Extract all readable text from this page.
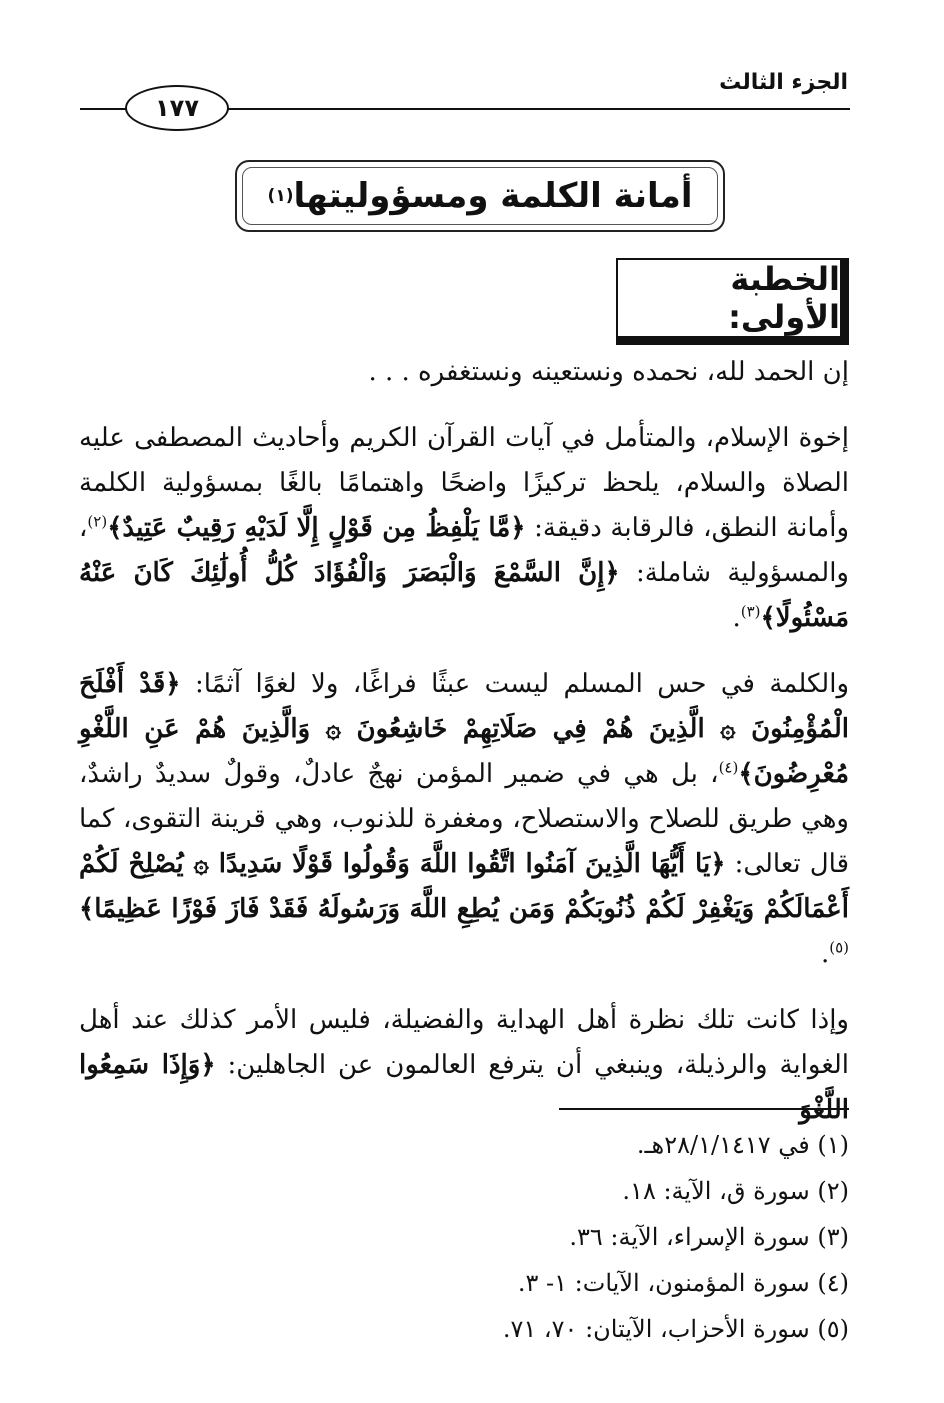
الجزء الثالث
١٧٧
أمانة الكلمة ومسؤوليتها
(١)
الخطبة الأولى:

إن الحمد لله، نحمده ونستعينه ونستغفره . . .

إخوة الإسلام، والمتأمل في آيات القرآن الكريم وأحاديث المصطفى عليه الصلاة والسلام، يلحظ تركيزًا واضحًا واهتمامًا بالغًا بمسؤولية الكلمة وأمانة النطق، فالرقابة دقيقة: ﴿مَّا يَلْفِظُ مِن قَوْلٍ إِلَّا لَدَيْهِ رَقِيبٌ عَتِيدٌ﴾$^{(٢)}$، والمسؤولية شاملة: ﴿إِنَّ السَّمْعَ وَالْبَصَرَ وَالْفُؤَادَ كُلُّ أُولَٰئِكَ كَانَ عَنْهُ مَسْئُولًا﴾$^{(٣)}$.

والكلمة في حس المسلم ليست عبثًا فراغًا، ولا لغوًا آثمًا: ﴿قَدْ أَفْلَحَ الْمُؤْمِنُونَ ۞ الَّذِينَ هُمْ فِي صَلَاتِهِمْ خَاشِعُونَ ۞ وَالَّذِينَ هُمْ عَنِ اللَّغْوِ مُعْرِضُونَ﴾$^{(٤)}$، بل هي في ضمير المؤمن نهجٌ عادلٌ، وقولٌ سديدٌ راشدٌ، وهي طريق للصلاح والاستصلاح، ومغفرة للذنوب، وهي قرينة التقوى، كما قال تعالى: ﴿يَا أَيُّهَا الَّذِينَ آمَنُوا اتَّقُوا اللَّهَ وَقُولُوا قَوْلًا سَدِيدًا ۞ يُصْلِحْ لَكُمْ أَعْمَالَكُمْ وَيَغْفِرْ لَكُمْ ذُنُوبَكُمْ وَمَن يُطِعِ اللَّهَ وَرَسُولَهُ فَقَدْ فَازَ فَوْزًا عَظِيمًا﴾$^{(٥)}$.

وإذا كانت تلك نظرة أهل الهداية والفضيلة، فليس الأمر كذلك عند أهل الغواية والرذيلة، وينبغي أن يترفع العالمون عن الجاهلين: ﴿وَإِذَا سَمِعُوا اللَّغْوَ

(١) في ٢٨/١/١٤١٧هـ.

(٢) سورة ق، الآية: ١٨.

(٣) سورة الإسراء، الآية: ٣٦.

(٤) سورة المؤمنون، الآيات: ١- ٣.

(٥) سورة الأحزاب، الآيتان: ٧٠، ٧١.
